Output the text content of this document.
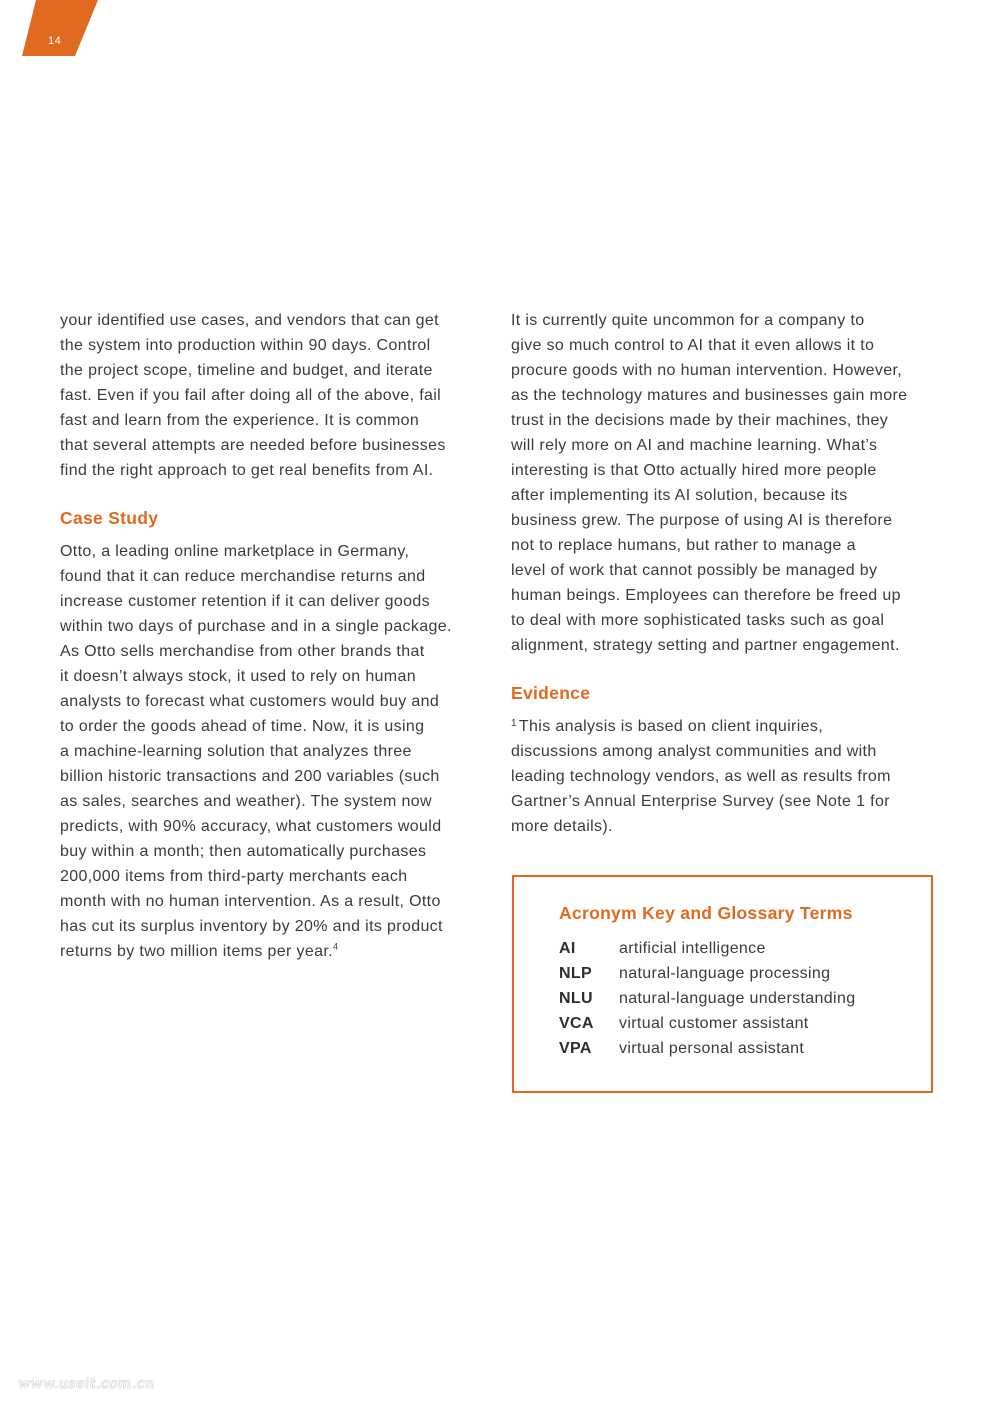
14

your identified use cases, and vendors that can get
the system into production within 90 days. Control
the project scope, timeline and budget, and iterate
fast. Even if you fail after doing all of the above, fail
fast and learn from the experience. It is common
that several attempts are needed before businesses
find the right approach to get real benefits from AI.

Case Study

Otto, a leading online marketplace in Germany,
found that it can reduce merchandise returns and
increase customer retention if it can deliver goods
within two days of purchase and in a single package.
As Otto sells merchandise from other brands that
it doesn’t always stock, it used to rely on human
analysts to forecast what customers would buy and
to order the goods ahead of time. Now, it is using
a machine-learning solution that analyzes three
billion historic transactions and 200 variables (such
as sales, searches and weather). The system now
predicts, with 90% accuracy, what customers would
buy within a month; then automatically purchases
200,000 items from third-party merchants each
month with no human intervention. As a result, Otto
has cut its surplus inventory by 20% and its product
returns by two million items per year.$^4$

It is currently quite uncommon for a company to
give so much control to AI that it even allows it to
procure goods with no human intervention. However,
as the technology matures and businesses gain more
trust in the decisions made by their machines, they
will rely more on AI and machine learning. What’s
interesting is that Otto actually hired more people
after implementing its AI solution, because its
business grew. The purpose of using AI is therefore
not to replace humans, but rather to manage a
level of work that cannot possibly be managed by
human beings. Employees can therefore be freed up
to deal with more sophisticated tasks such as goal
alignment, strategy setting and partner engagement.

Evidence

$^1$ This analysis is based on client inquiries,
discussions among analyst communities and with
leading technology vendors, as well as results from
Gartner’s Annual Enterprise Survey (see Note 1 for
more details).

Acronym Key and Glossary Terms
AI	artificial intelligence
NLP	natural-language processing
NLU	natural-language understanding
VCA	virtual customer assistant
VPA	virtual personal assistant
www.useit.com.cn
